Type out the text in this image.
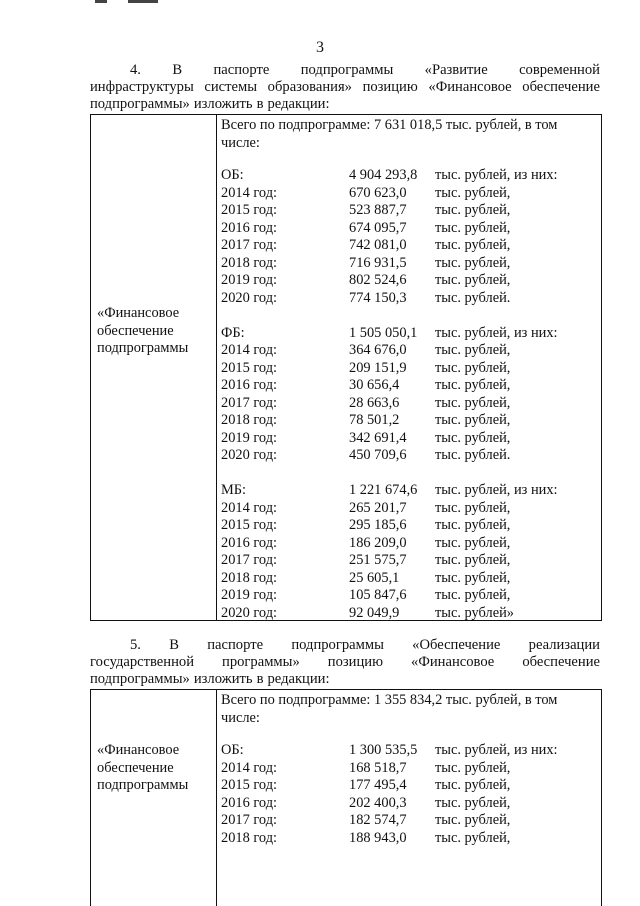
3
4. В паспорте подпрограммы «Развитие современной
инфраструктуры системы образования» позицию «Финансовое обеспечение
подпрограммы» изложить в редакции:
«Финансовое
обеспечение
подпрограммы
Всего по подпрограмме: 7 631 018,5 тыс. рублей, в том числе:
ОБ:	4 904 293,8 тыс. рублей, из них:
2014 год:	670 623,0 тыс. рублей,
2015 год:	523 887,7 тыс. рублей,
2016 год:	674 095,7 тыс. рублей,
2017 год:	742 081,0 тыс. рублей,
2018 год:	716 931,5 тыс. рублей,
2019 год:	802 524,6 тыс. рублей,
2020 год:	774 150,3 тыс. рублей.
ФБ:	1 505 050,1 тыс. рублей, из них:
2014 год:	364 676,0 тыс. рублей,
2015 год:	209 151,9 тыс. рублей,
2016 год:	30 656,4 тыс. рублей,
2017 год:	28 663,6 тыс. рублей,
2018 год:	78 501,2 тыс. рублей,
2019 год:	342 691,4 тыс. рублей,
2020 год:	450 709,6 тыс. рублей.
МБ:	1 221 674,6 тыс. рублей, из них:
2014 год:	265 201,7 тыс. рублей,
2015 год:	295 185,6 тыс. рублей,
2016 год:	186 209,0 тыс. рублей,
2017 год:	251 575,7 тыс. рублей,
2018 год:	25 605,1 тыс. рублей,
2019 год:	105 847,6 тыс. рублей,
2020 год:	92 049,9 тыс. рублей»
5. В паспорте подпрограммы «Обеспечение реализации
государственной программы» позицию «Финансовое обеспечение
подпрограммы» изложить в редакции:
«Финансовое
обеспечение
подпрограммы
Всего по подпрограмме: 1 355 834,2 тыс. рублей, в том числе:
ОБ:	1 300 535,5 тыс. рублей, из них:
2014 год:	168 518,7 тыс. рублей,
2015 год:	177 495,4 тыс. рублей,
2016 год:	202 400,3 тыс. рублей,
2017 год:	182 574,7 тыс. рублей,
2018 год:	188 943,0 тыс. рублей,
